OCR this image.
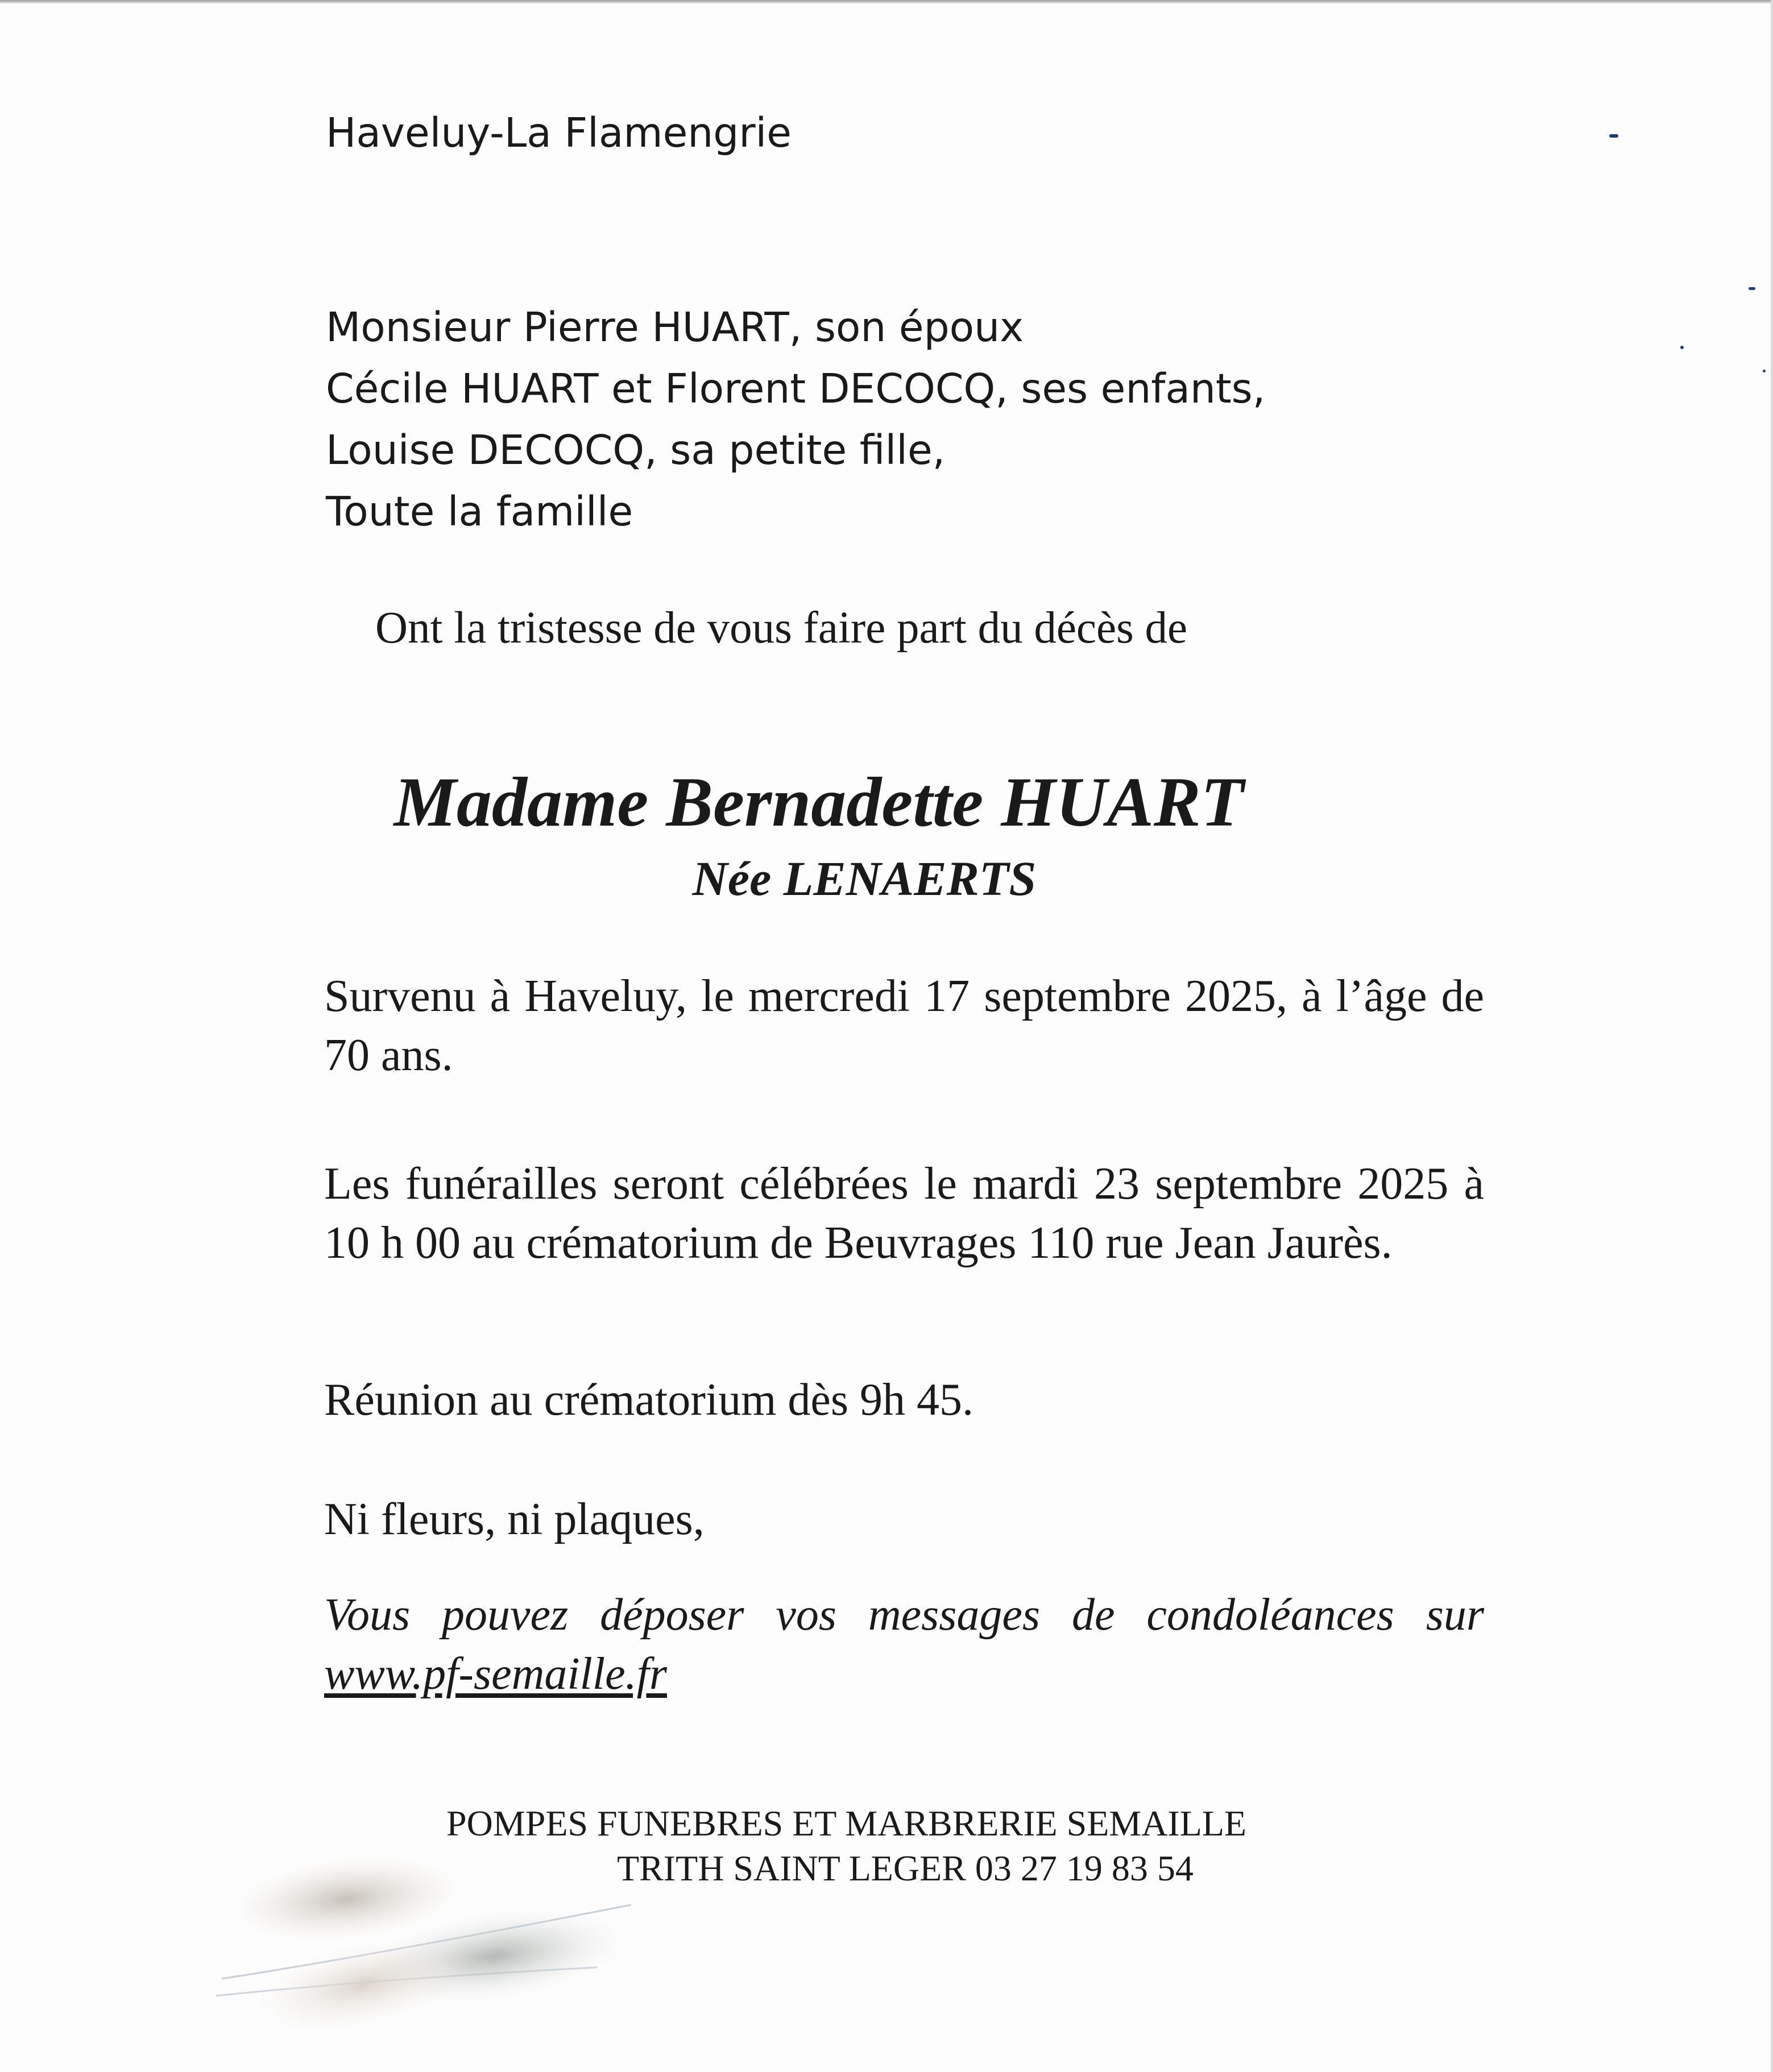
Haveluy-La Flamengrie
Monsieur Pierre HUART, son époux
Cécile HUART et Florent DECOCQ, ses enfants,
Louise DECOCQ, sa petite fille,
Toute la famille
Ont la tristesse de vous faire part du décès de
Madame Bernadette HUART
Née LENAERTS
Survenu à Haveluy, le mercredi 17 septembre 2025, à l’âge de 70 ans.
Les funérailles seront célébrées le mardi 23 septembre 2025 à 10 h 00 au crématorium de Beuvrages 110 rue Jean Jaurès.
Réunion au crématorium dès 9h 45.
Ni fleurs, ni plaques,
Vous pouvez déposer vos messages de condoléances sur www.pf-semaille.fr
POMPES FUNEBRES ET MARBRERIE SEMAILLE
TRITH SAINT LEGER 03 27 19 83 54
